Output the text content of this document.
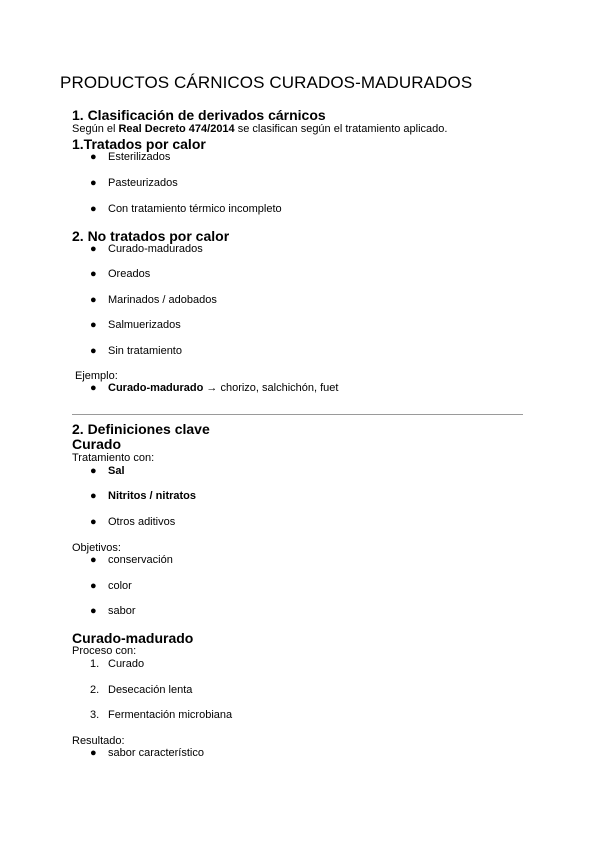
PRODUCTOS CÁRNICOS CURADOS-MADURADOS
1. Clasificación de derivados cárnicos
Según el Real Decreto 474/2014 se clasifican según el tratamiento aplicado.
1.Tratados por calor
● Esterilizados
● Pasteurizados
● Con tratamiento térmico incompleto
2. No tratados por calor
● Curado-madurados
● Oreados
● Marinados / adobados
● Salmuerizados
● Sin tratamiento
Ejemplo:
● Curado-madurado → chorizo, salchichón, fuet
2. Definiciones clave
Curado
Tratamiento con:
● Sal
● Nitritos / nitratos
● Otros aditivos
Objetivos:
● conservación
● color
● sabor
Curado-madurado
Proceso con:
1. Curado
2. Desecación lenta
3. Fermentación microbiana
Resultado:
● sabor característico
